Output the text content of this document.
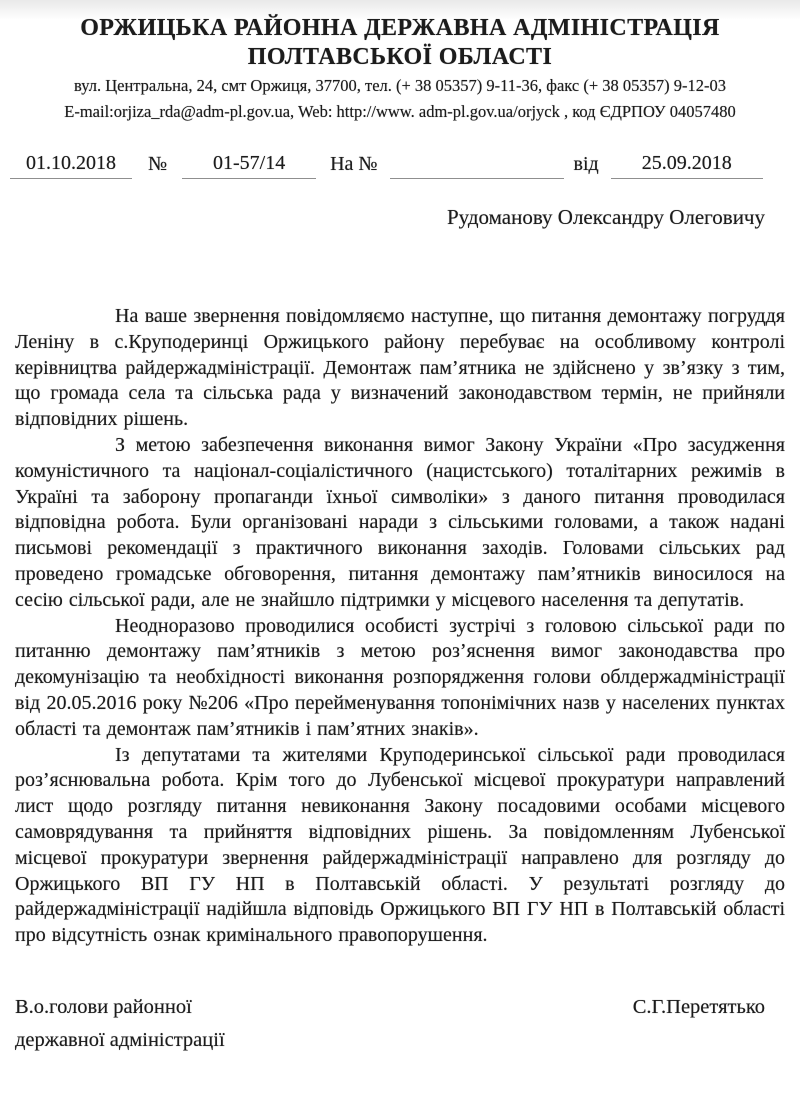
ОРЖИЦЬКА РАЙОННА ДЕРЖАВНА АДМІНІСТРАЦІЯ
ПОЛТАВСЬКОЇ ОБЛАСТІ
вул. Центральна, 24, смт Оржиця, 37700, тел. (+ 38 05357) 9-11-36, факс (+ 38 05357) 9-12-03
E-mail:orjiza_rda@adm-pl.gov.ua, Web: http://www. adm-pl.gov.ua/orjyck , код ЄДРПОУ 04057480
01.10.2018	№	01-57/14	На №	від	25.09.2018
Рудоманову Олександру Олеговичу

На ваше звернення повідомляємо наступне, що питання демонтажу погруддя Леніну в с.Круподеринці Оржицького району перебуває на особливому контролі керівництва райдержадміністрації. Демонтаж пам’ятника не здійснено у зв’язку з тим, що громада села та сільська рада у визначений законодавством термін, не прийняли відповідних рішень.

З метою забезпечення виконання вимог Закону України «Про засудження комуністичного та націонал-соціалістичного (нацистського) тоталітарних режимів в Україні та заборону пропаганди їхньої символіки» з даного питання проводилася відповідна робота. Були організовані наради з сільськими головами, а також надані письмові рекомендації з практичного виконання заходів. Головами сільських рад проведено громадське обговорення, питання демонтажу пам’ятників виносилося на сесію сільської ради, але не знайшло підтримки у місцевого населення та депутатів.

Неодноразово проводилися особисті зустрічі з головою сільської ради по питанню демонтажу пам’ятників з метою роз’яснення вимог законодавства про декомунізацію та необхідності виконання розпорядження голови облдержадміністрації від 20.05.2016 року №206 «Про перейменування топонімічних назв у населених пунктах області та демонтаж пам’ятників і пам’ятних знаків».

Із депутатами та жителями Круподеринської сільської ради проводилася роз’яснювальна робота. Крім того до Лубенської місцевої прокуратури направлений лист щодо розгляду питання невиконання Закону посадовими особами місцевого самоврядування та прийняття відповідних рішень. За повідомленням Лубенської місцевої прокуратури звернення райдержадміністрації направлено для розгляду до Оржицького ВП ГУ НП в Полтавській області. У результаті розгляду до райдержадміністрації надійшла відповідь Оржицького ВП ГУ НП в Полтавській області про відсутність ознак кримінального правопорушення.

В.о.голови районної
державної адміністрації
С.Г.Перетятько
